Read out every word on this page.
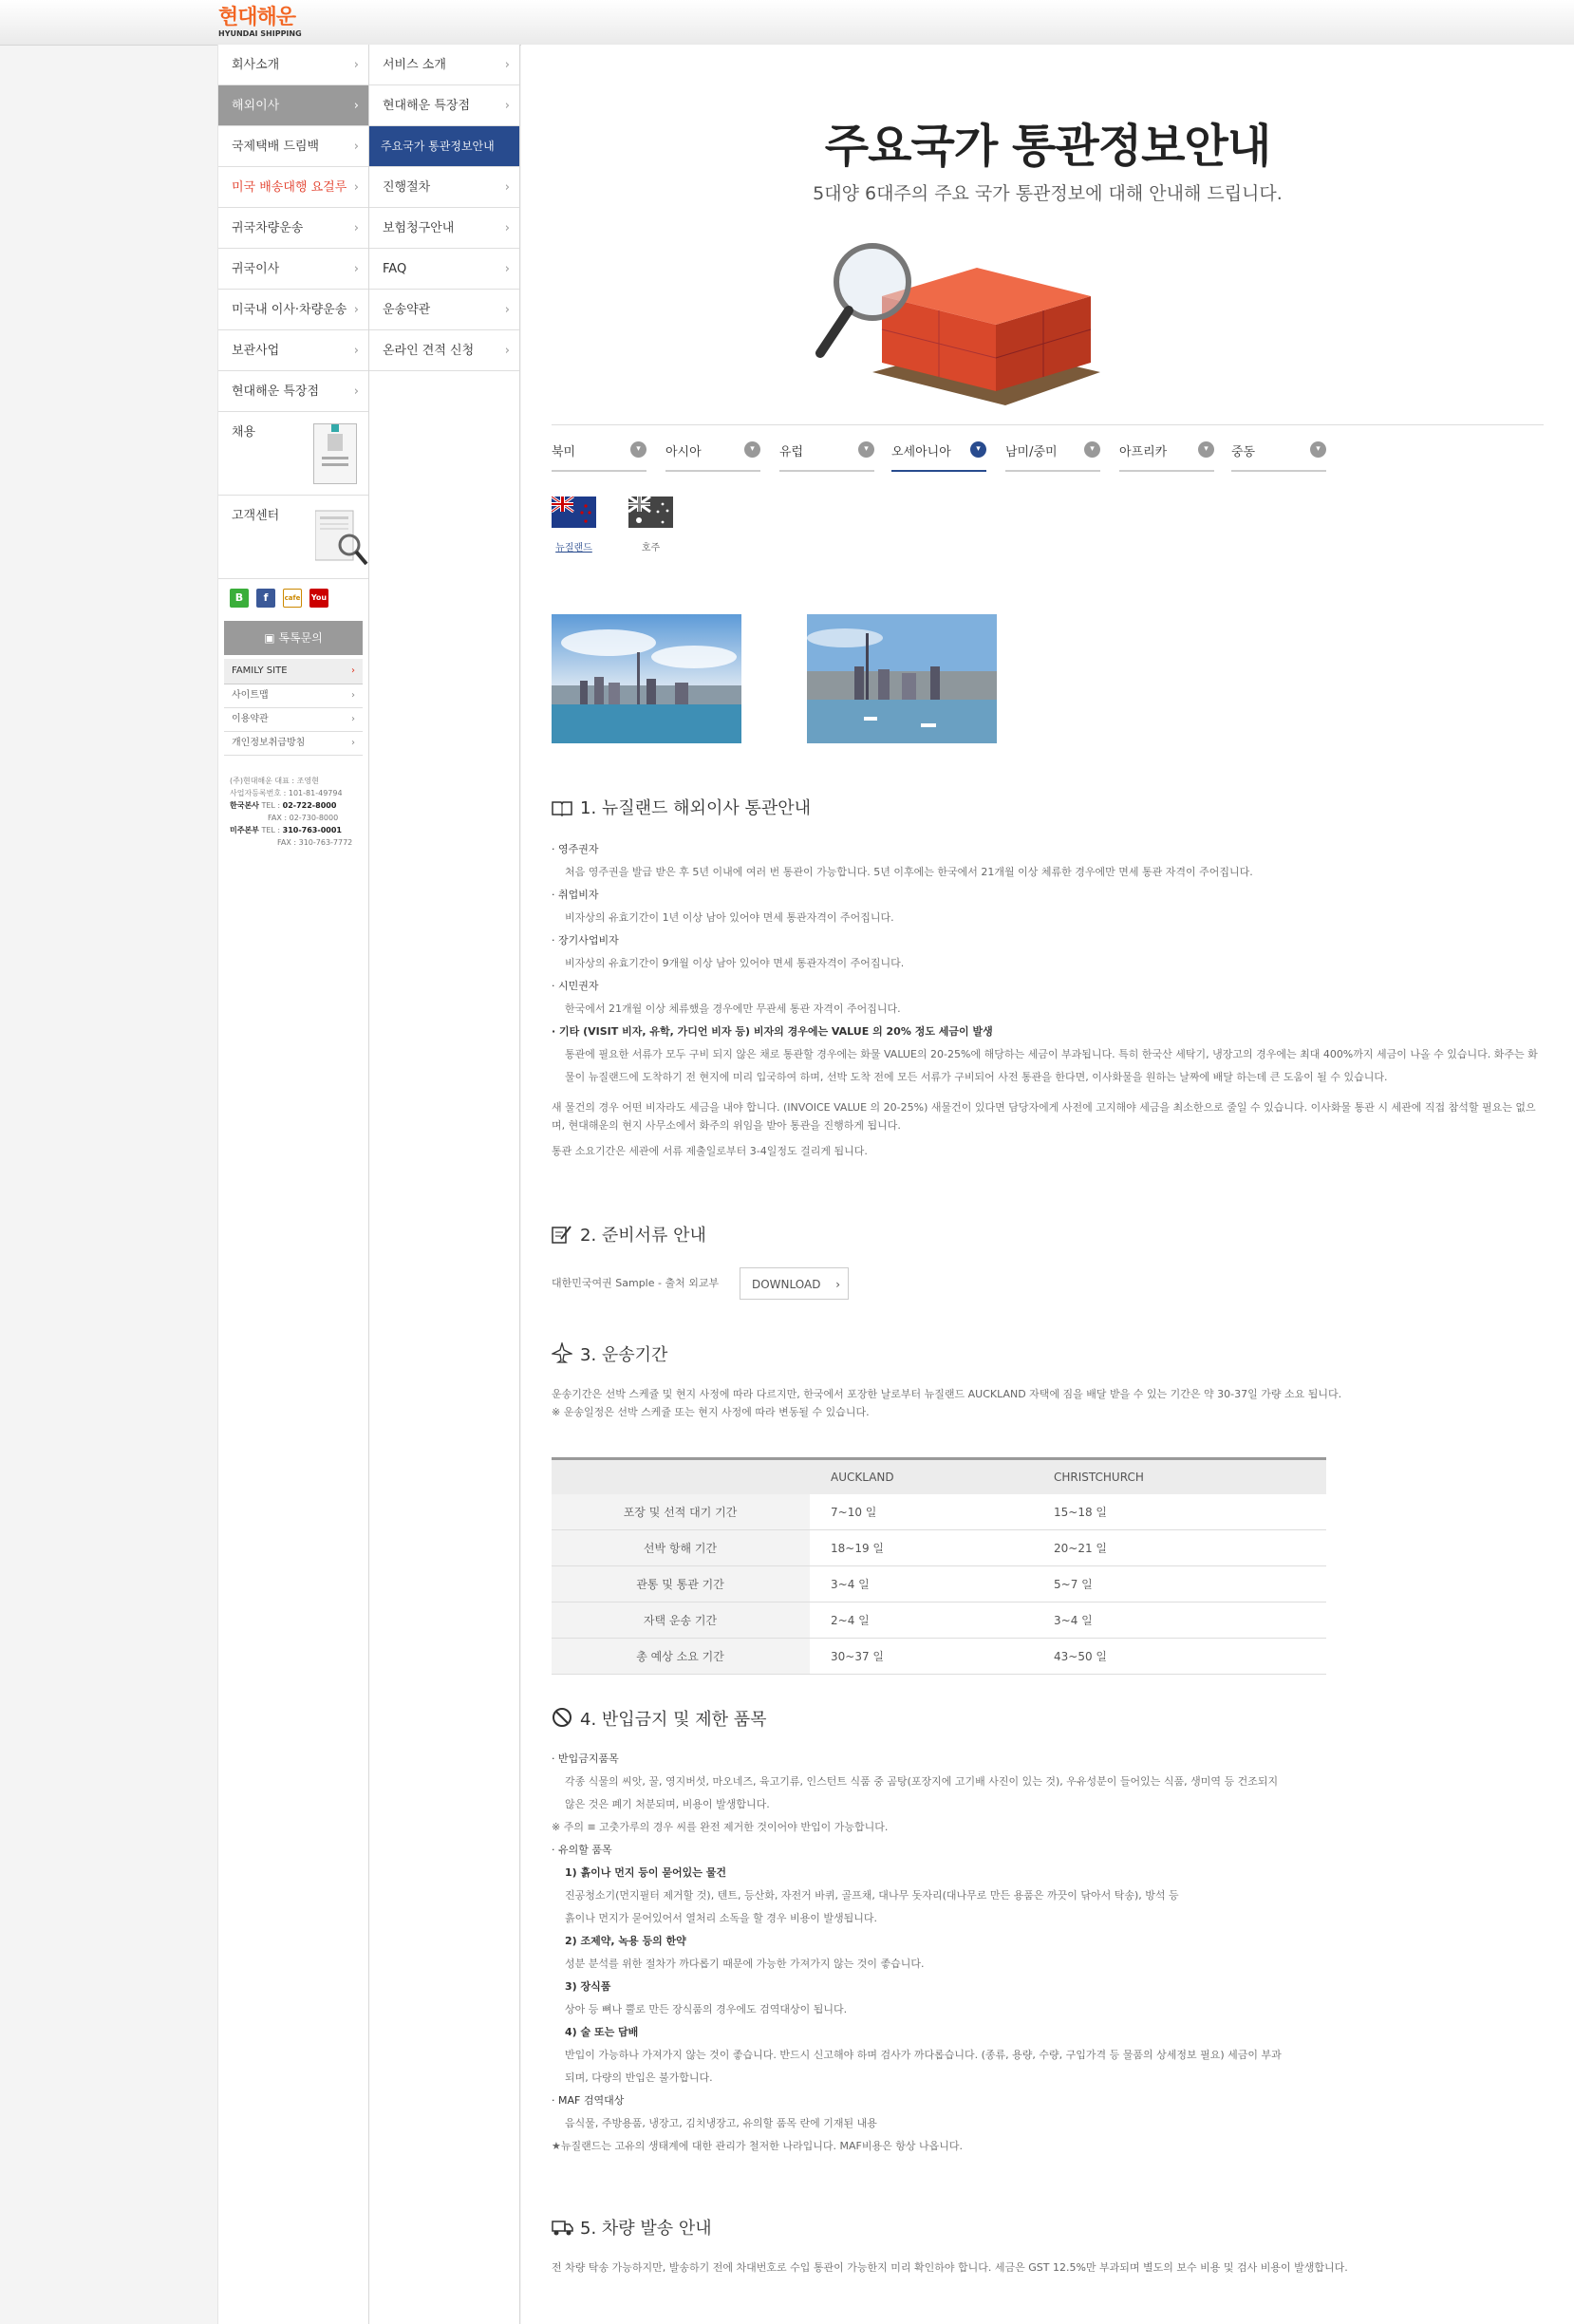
현대해운
HYUNDAI SHIPPING
회사소개	›
해외이사	›
국제택배 드림백	›
미국 배송대행 요걸루 ›
귀국차량운송	›
귀국이사	›
미국내 이사·차량운송 ›
보관사업	›
현대해운 특장점	›
채용
고객센터
B	f	cafe You
▣ 톡톡문의
FAMILY SITE	›
사이트맵	›
이용약관	›
개인정보취급방침	›
(주)현대해운 대표 : 조영현
사업자등록번호 : 101-81-49794
한국본사 TEL : 02-722-8000
FAX : 02-730-8000
미주본부 TEL : 310-763-0001
FAX : 310-763-7772
서비스 소개	›
현대해운 특장점	›
주요국가 통관정보안내
진행절차	›
보험청구안내	›
FAQ	›
운송약관	›
온라인 견적 신청	›
주요국가 통관정보안내
5대양 6대주의 주요 국가 통관정보에 대해 안내해 드립니다.
북미	▾	아시아	▾	유럽	▾	오세아니아	▾	남미/중미	▾	아프리카	▾	중동	▾
뉴질랜드	호주
1. 뉴질랜드 해외이사 통관안내
· 영주권자
처음 영주권을 발급 받은 후 5년 이내에 여러 번 통관이 가능합니다. 5년 이후에는 한국에서 21개월 이상 체류한 경우에만 면세 통관 자격이 주어집니다.
· 취업비자
비자상의 유효기간이 1년 이상 남아 있어야 면세 통관자격이 주어집니다.
· 장기사업비자
비자상의 유효기간이 9개월 이상 남아 있어야 면세 통관자격이 주어집니다.
· 시민권자
한국에서 21개월 이상 체류했을 경우에만 무관세 통관 자격이 주어집니다.
· 기타 (VISIT 비자, 유학, 가디언 비자 등) 비자의 경우에는 VALUE 의 20% 정도 세금이 발생
통관에 필요한 서류가 모두 구비 되지 않은 채로 통관할 경우에는 화물 VALUE의 20-25%에 해당하는 세금이 부과됩니다. 특히 한국산 세탁기, 냉장고의 경우에는 최대 400%까지 세금이 나올 수 있습니다. 화주는 화물이 뉴질랜드에 도착하기 전 현지에 미리 입국하여 하며, 선박 도착 전에 모든 서류가 구비되어 사전 통관을 한다면, 이사화물을 원하는 날짜에 배달 하는데 큰 도움이 될 수 있습니다.
새 물건의 경우 어떤 비자라도 세금을 내야 합니다. (INVOICE VALUE 의 20-25%) 새물건이 있다면 담당자에게 사전에 고지해야 세금을 최소한으로 줄일 수 있습니다. 이사화물 통관 시 세관에 직접 참석할 필요는 없으며, 현대해운의 현지 사무소에서 화주의 위임을 받아 통관을 진행하게 됩니다.
통관 소요기간은 세관에 서류 제출일로부터 3-4일정도 걸리게 됩니다.
2. 준비서류 안내
대한민국여권 Sample - 출처 외교부	DOWNLOAD ›
3. 운송기간
운송기간은 선박 스케쥴 및 현지 사정에 따라 다르지만, 한국에서 포장한 날로부터 뉴질랜드 AUCKLAND 자택에 짐을 배달 받을 수 있는 기간은 약 30-37일 가량 소요 됩니다.
※ 운송일정은 선박 스케쥴 또는 현지 사정에 따라 변동될 수 있습니다.
	AUCKLAND	CHRISTCHURCH
포장 및 선적 대기 기간	7~10 일	15~18 일
선박 항해 기간	18~19 일	20~21 일
관통 및 통관 기간	3~4 일	5~7 일
자택 운송 기간	2~4 일	3~4 일
총 예상 소요 기간	30~37 일	43~50 일
4. 반입금지 및 제한 품목
· 반입금지품목
각종 식물의 씨앗, 꿀, 영지버섯, 마오네즈, 육고기류, 인스턴트 식품 중 곰탕(포장지에 고기배 사진이 있는 것), 우유성분이 들어있는 식품, 생미역 등 건조되지
않은 것은 폐기 처분되며, 비용이 발생합니다.
※ 주의 ≡ 고춧가루의 경우 씨를 완전 제거한 것이어야 반입이 가능합니다.
· 유의할 품목
1) 흙이나 먼지 등이 묻어있는 물건
진공청소기(먼지필터 제거할 것), 텐트, 등산화, 자전거 바퀴, 골프채, 대나무 돗자리(대나무로 만든 용품은 까끗이 닦아서 탁송), 방석 등
흙이나 먼지가 묻어있어서 열처리 소독을 할 경우 비용이 발생됩니다.
2) 조제약, 녹용 등의 한약
성분 분석를 위한 절차가 까다롭기 때문에 가능한 가져가지 않는 것이 좋습니다.
3) 장식품
상아 등 뼈나 뿔로 만든 장식품의 경우에도 검역대상이 됩니다.
4) 술 또는 담배
반입이 가능하나 가져가지 않는 것이 좋습니다. 반드시 신고해야 하며 검사가 까다롭습니다. (종류, 용량, 수량, 구입가격 등 물품의 상세정보 필요) 세금이 부과
되며, 다량의 반입은 불가합니다.
· MAF 검역대상
음식물, 주방용품, 냉장고, 김치냉장고, 유의할 품목 란에 기재된 내용
★뉴질랜드는 고유의 생태계에 대한 관리가 철저한 나라입니다. MAF비용은 항상 나옵니다.
5. 차량 발송 안내
전 차량 탁송 가능하지만, 발송하기 전에 차대번호로 수입 통관이 가능한지 미리 확인하야 합니다. 세금은 GST 12.5%만 부과되며 별도의 보수 비용 및 검사 비용이 발생합니다.
